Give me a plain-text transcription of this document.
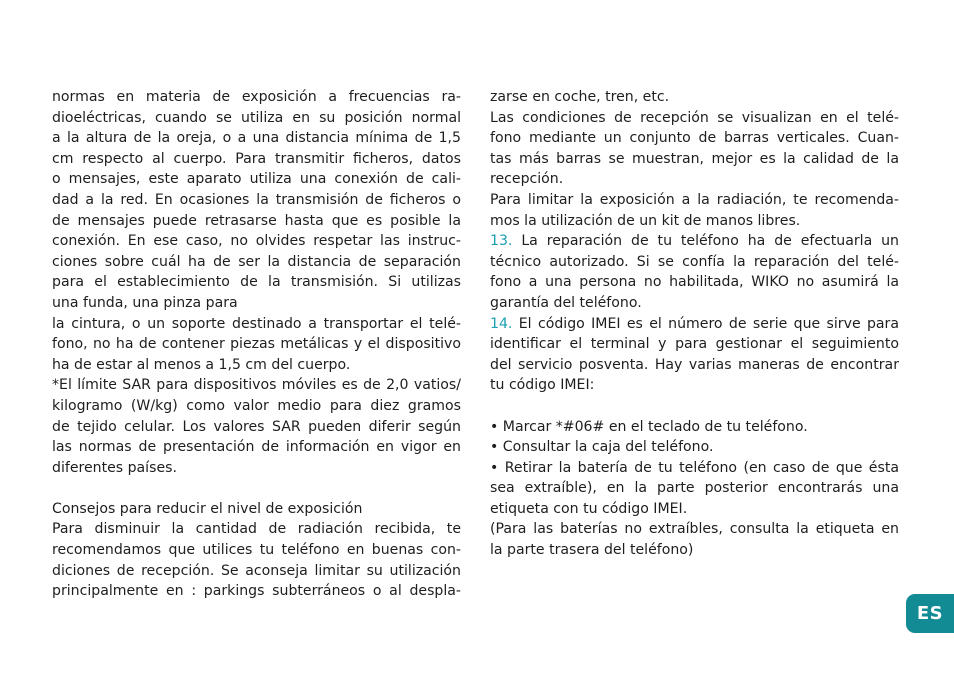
normas en materia de exposición a frecuencias ra-
dioeléctricas, cuando se utiliza en su posición normal
a la altura de la oreja, o a una distancia mínima de 1,5
cm respecto al cuerpo. Para transmitir ficheros, datos
o mensajes, este aparato utiliza una conexión de cali-
dad a la red. En ocasiones la transmisión de ficheros o
de mensajes puede retrasarse hasta que es posible la
conexión. En ese caso, no olvides respetar las instruc-
ciones sobre cuál ha de ser la distancia de separación
para el establecimiento de la transmisión. Si utilizas
una funda, una pinza para

la cintura, o un soporte destinado a transportar el telé-
fono, no ha de contener piezas metálicas y el dispositivo
ha de estar al menos a 1,5 cm del cuerpo.

*El límite SAR para dispositivos móviles es de 2,0 vatios/
kilogramo (W/kg) como valor medio para diez gramos
de tejido celular. Los valores SAR pueden diferir según
las normas de presentación de información en vigor en
diferentes países.

Consejos para reducir el nivel de exposición

Para disminuir la cantidad de radiación recibida, te
recomendamos que utilices tu teléfono en buenas con-
diciones de recepción. Se aconseja limitar su utilización
principalmente en : parkings subterráneos o al despla-

zarse en coche, tren, etc.

Las condiciones de recepción se visualizan en el telé-
fono mediante un conjunto de barras verticales. Cuan-
tas más barras se muestran, mejor es la calidad de la
recepción.

Para limitar la exposición a la radiación, te recomenda-
mos la utilización de un kit de manos libres.

13. La reparación de tu teléfono ha de efectuarla un
técnico autorizado. Si se confía la reparación del telé-
fono a una persona no habilitada, WIKO no asumirá la
garantía del teléfono.

14. El código IMEI es el número de serie que sirve para
identificar el terminal y para gestionar el seguimiento
del servicio posventa. Hay varias maneras de encontrar
tu código IMEI:

• Marcar *#06# en el teclado de tu teléfono.

• Consultar la caja del teléfono.

• Retirar la batería de tu teléfono (en caso de que ésta
sea extraíble), en la parte posterior encontrarás una
etiqueta con tu código IMEI.

(Para las baterías no extraíbles, consulta la etiqueta en
la parte trasera del teléfono)

ES
